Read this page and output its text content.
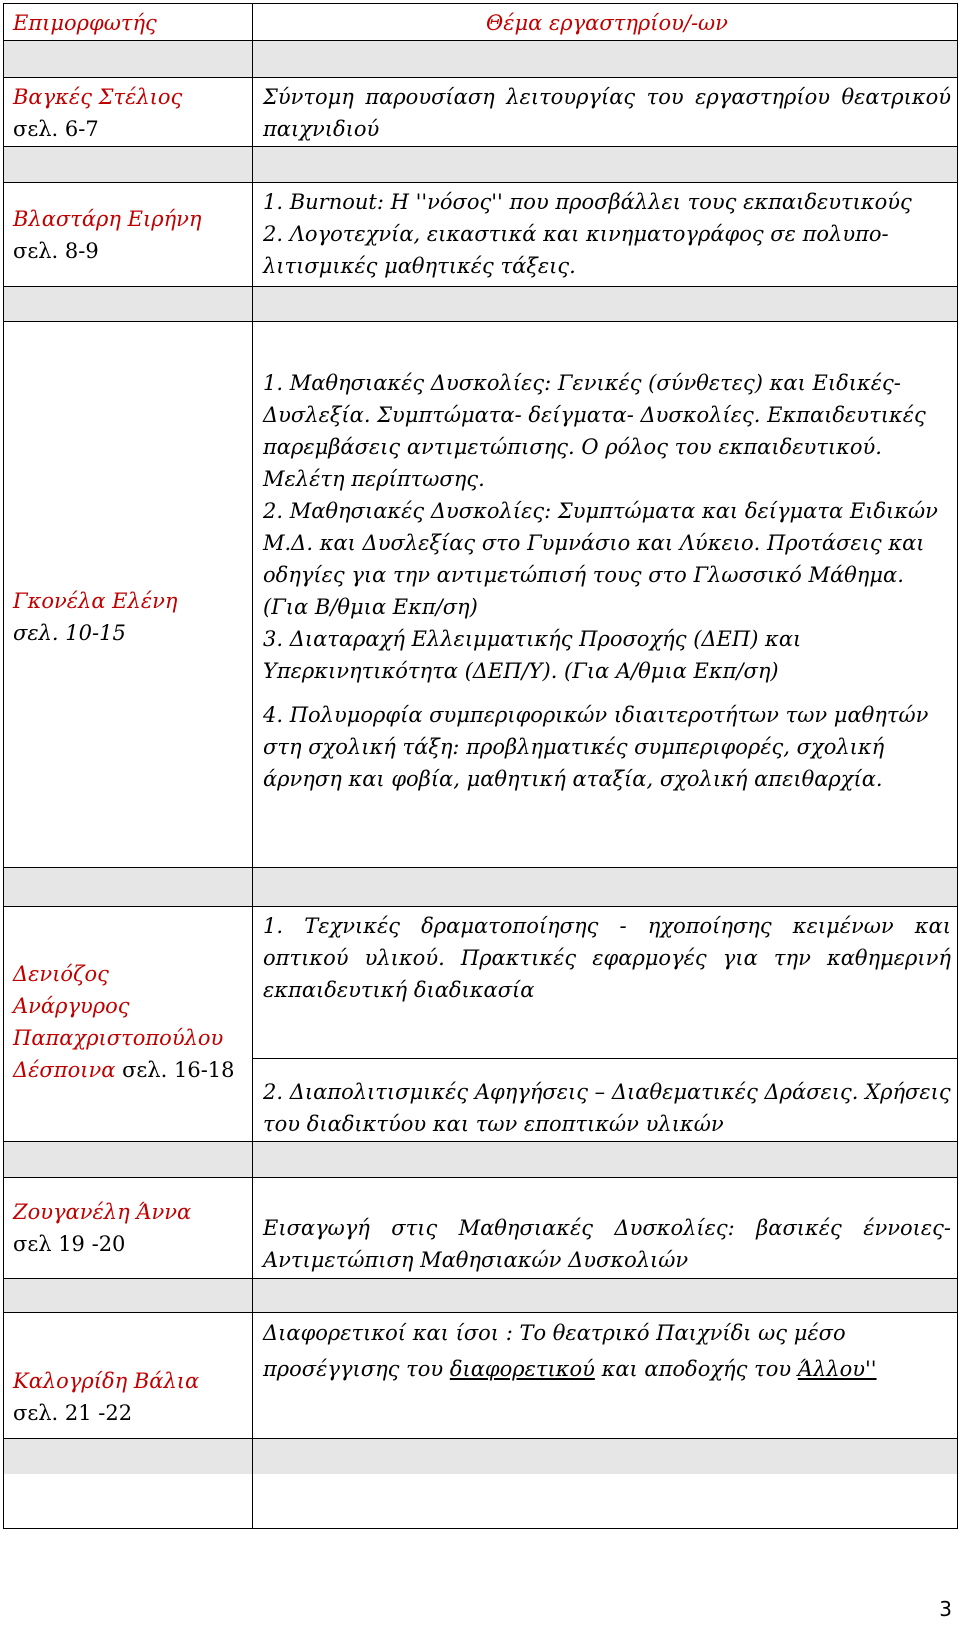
Επιμορφωτής	Θέμα εργαστηρίου/-ων
Βαγκές Στέλιος
σελ. 6-7
Σύντομη παρουσίαση λειτουργίας του εργαστηρίου θεατρικού παιχνιδιού
Βλαστάρη Ειρήνη
σελ. 8-9
1. Burnout: Η ''νόσος'' που προσβάλλει τους εκπαιδευτικούς
2. Λογοτεχνία, εικαστικά και κινηματογράφος σε πολυπο-λιτισμικές μαθητικές τάξεις.
Γκονέλα Ελένη
σελ. 10-15
1. Μαθησιακές Δυσκολίες: Γενικές (σύνθετες) και Ειδικές-Δυσλεξία. Συμπτώματα- δείγματα- Δυσκολίες. Εκπαιδευτικές παρεμβάσεις αντιμετώπισης. Ο ρόλος του εκπαιδευτικού. Μελέτη περίπτωσης.
2. Μαθησιακές Δυσκολίες: Συμπτώματα και δείγματα Ειδικών Μ.Δ. και Δυσλεξίας στο Γυμνάσιο και Λύκειο. Προτάσεις και οδηγίες για την αντιμετώπισή τους στο Γλωσσικό Μάθημα.
(Για Β/θμια Εκπ/ση)
3. Διαταραχή Ελλειμματικής Προσοχής (ΔΕΠ) και Υπερκινητικότητα (ΔΕΠ/Υ). (Για Α/θμια Εκπ/ση)
4. Πολυμορφία συμπεριφορικών ιδιαιτεροτήτων των μαθητών στη σχολική τάξη: προβληματικές συμπεριφορές, σχολική άρνηση και φοβία, μαθητική αταξία, σχολική απειθαρχία.
Δενιόζος
Ανάργυρος
Παπαχριστοπούλου
Δέσποινα σελ. 16-18
1. Τεχνικές δραματοποίησης - ηχοποίησης κειμένων και οπτικού υλικού. Πρακτικές εφαρμογές για την καθημερινή εκπαιδευτική διαδικασία
2. Διαπολιτισμικές Αφηγήσεις – Διαθεματικές Δράσεις. Χρήσεις του διαδικτύου και των εποπτικών υλικών
Ζουγανέλη Άννα
σελ 19 -20
Εισαγωγή στις Μαθησιακές Δυσκολίες: βασικές έννοιες-Αντιμετώπιση Μαθησιακών Δυσκολιών
Καλογρίδη Βάλια
σελ. 21 -22
Διαφορετικοί και ίσοι : Το θεατρικό Παιχνίδι ως μέσο
προσέγγισης του διαφορετικού και αποδοχής του Άλλου''
3
